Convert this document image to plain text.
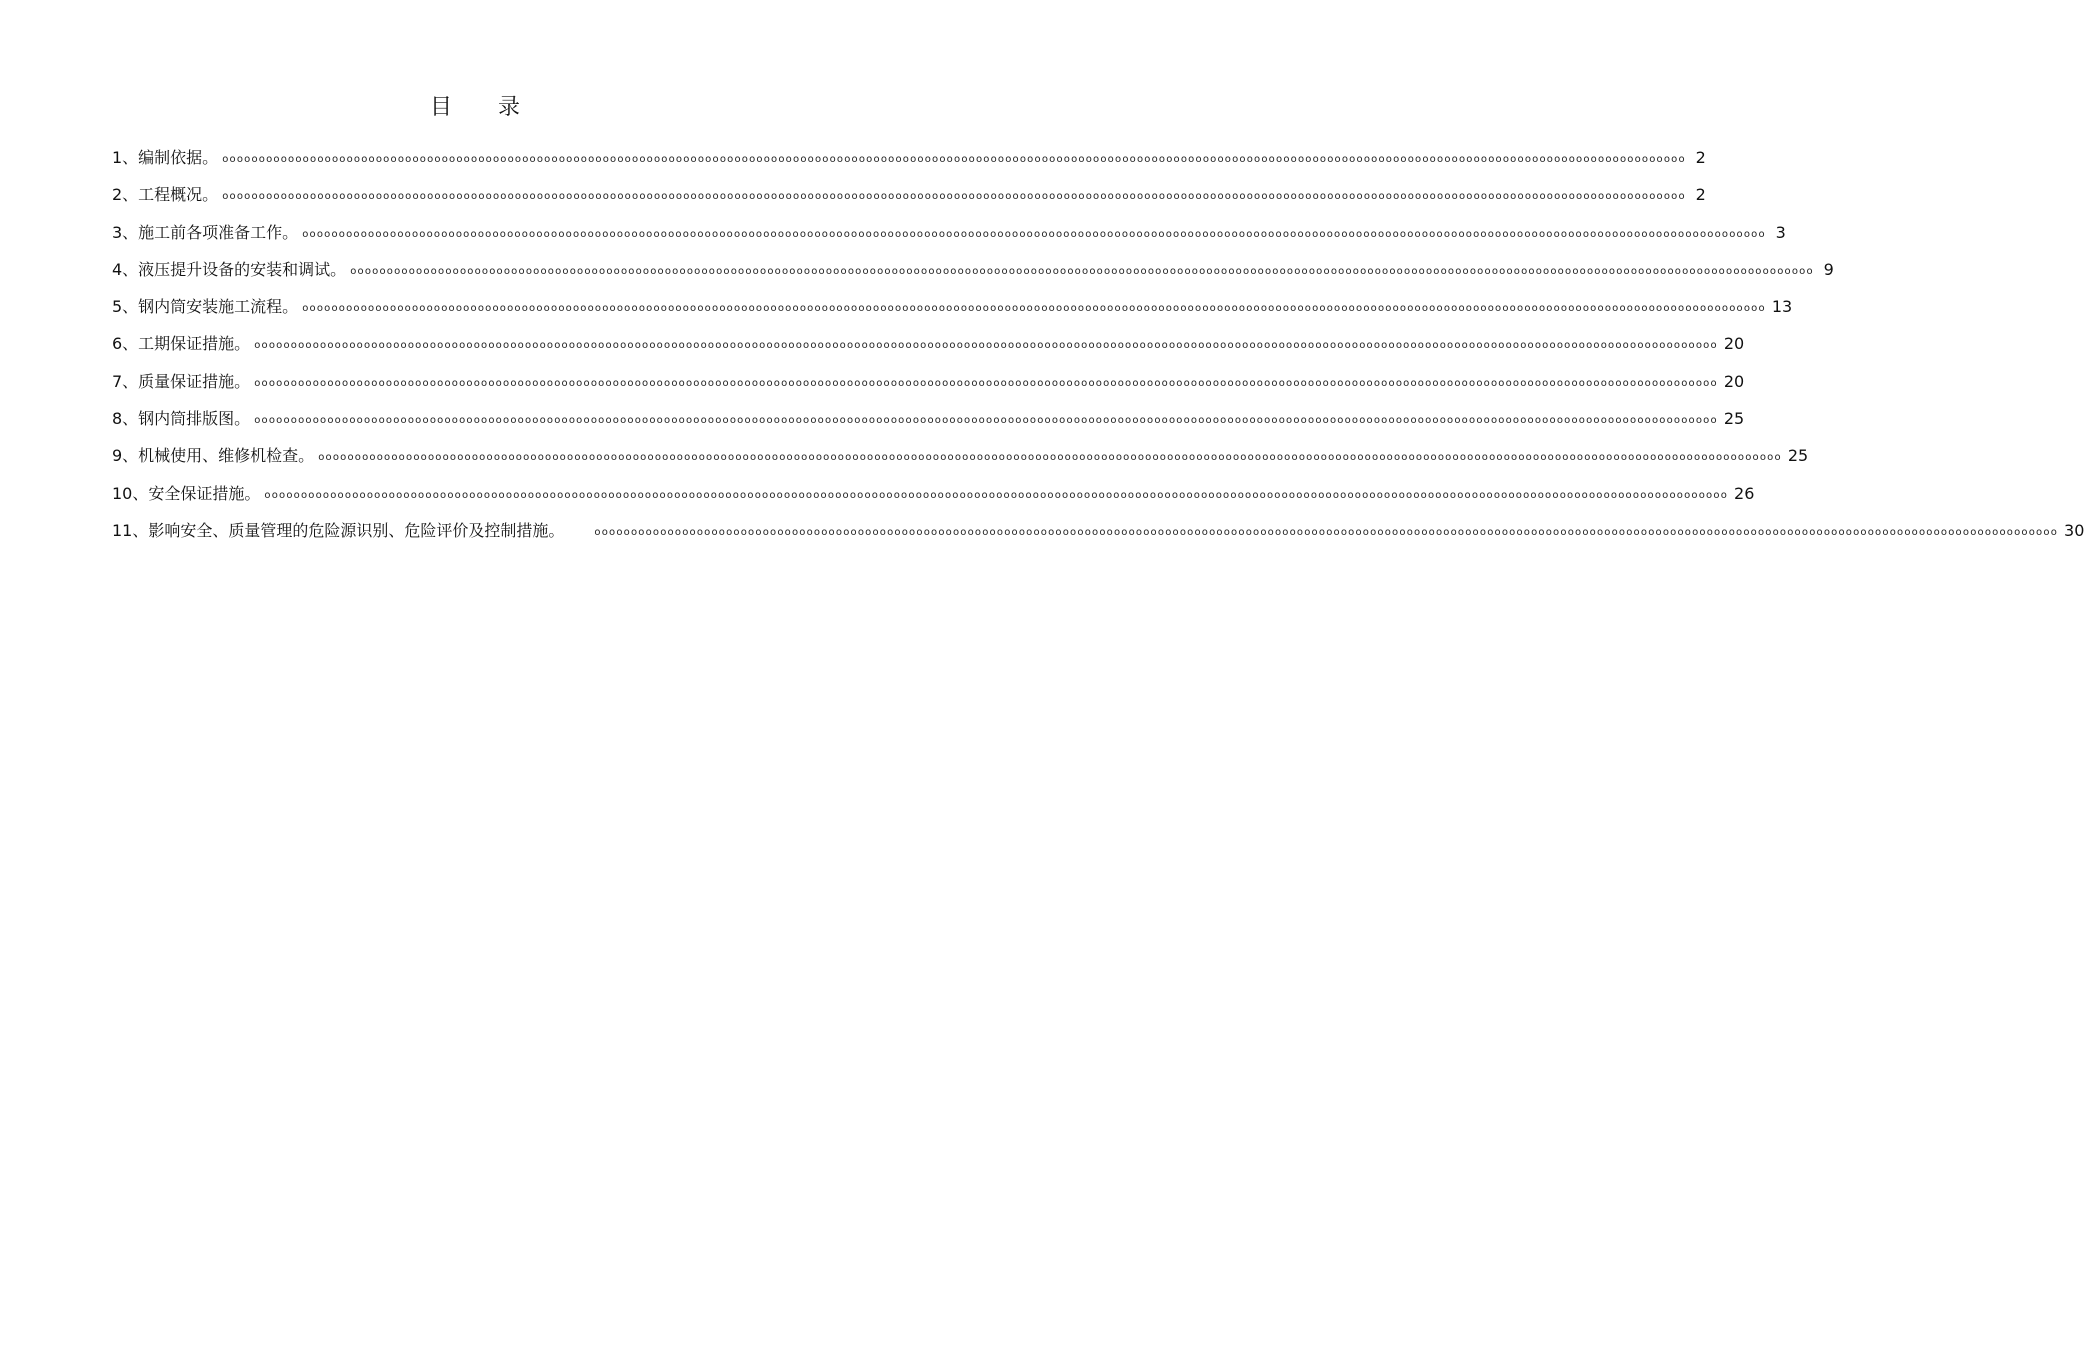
目 录
1、编制依据。 oooooooooooooooooooooooooooooooooooooooooooooooooooooooooooooooooooooooooooooooooooooooooooooooooooooooooooooooooooooooooooooooooooooooooooooooooooooooooooooooooooooooooooooooooooooooooooooooooooooooo 2
2、工程概况。 oooooooooooooooooooooooooooooooooooooooooooooooooooooooooooooooooooooooooooooooooooooooooooooooooooooooooooooooooooooooooooooooooooooooooooooooooooooooooooooooooooooooooooooooooooooooooooooooooooooooo 2
3、施工前各项准备工作。 oooooooooooooooooooooooooooooooooooooooooooooooooooooooooooooooooooooooooooooooooooooooooooooooooooooooooooooooooooooooooooooooooooooooooooooooooooooooooooooooooooooooooooooooooooooooooooooooooooooooo 3
4、液压提升设备的安装和调试。 oooooooooooooooooooooooooooooooooooooooooooooooooooooooooooooooooooooooooooooooooooooooooooooooooooooooooooooooooooooooooooooooooooooooooooooooooooooooooooooooooooooooooooooooooooooooooooooooooooooooo 9
5、钢内筒安装施工流程。 oooooooooooooooooooooooooooooooooooooooooooooooooooooooooooooooooooooooooooooooooooooooooooooooooooooooooooooooooooooooooooooooooooooooooooooooooooooooooooooooooooooooooooooooooooooooooooooooooooooooo 13
6、工期保证措施。 oooooooooooooooooooooooooooooooooooooooooooooooooooooooooooooooooooooooooooooooooooooooooooooooooooooooooooooooooooooooooooooooooooooooooooooooooooooooooooooooooooooooooooooooooooooooooooooooooooooooo 20
7、质量保证措施。 oooooooooooooooooooooooooooooooooooooooooooooooooooooooooooooooooooooooooooooooooooooooooooooooooooooooooooooooooooooooooooooooooooooooooooooooooooooooooooooooooooooooooooooooooooooooooooooooooooooooo 20
8、钢内筒排版图。 oooooooooooooooooooooooooooooooooooooooooooooooooooooooooooooooooooooooooooooooooooooooooooooooooooooooooooooooooooooooooooooooooooooooooooooooooooooooooooooooooooooooooooooooooooooooooooooooooooooooo 25
9、机械使用、维修机检查。 oooooooooooooooooooooooooooooooooooooooooooooooooooooooooooooooooooooooooooooooooooooooooooooooooooooooooooooooooooooooooooooooooooooooooooooooooooooooooooooooooooooooooooooooooooooooooooooooooooooooo 25
10、安全保证措施。 oooooooooooooooooooooooooooooooooooooooooooooooooooooooooooooooooooooooooooooooooooooooooooooooooooooooooooooooooooooooooooooooooooooooooooooooooooooooooooooooooooooooooooooooooooooooooooooooooooooooo 26
11、影响安全、质量管理的危险源识别、危险评价及控制措施。	oooooooooooooooooooooooooooooooooooooooooooooooooooooooooooooooooooooooooooooooooooooooooooooooooooooooooooooooooooooooooooooooooooooooooooooooooooooooooooooooooooooooooooooooooooooooooooooooooooooooo 30
